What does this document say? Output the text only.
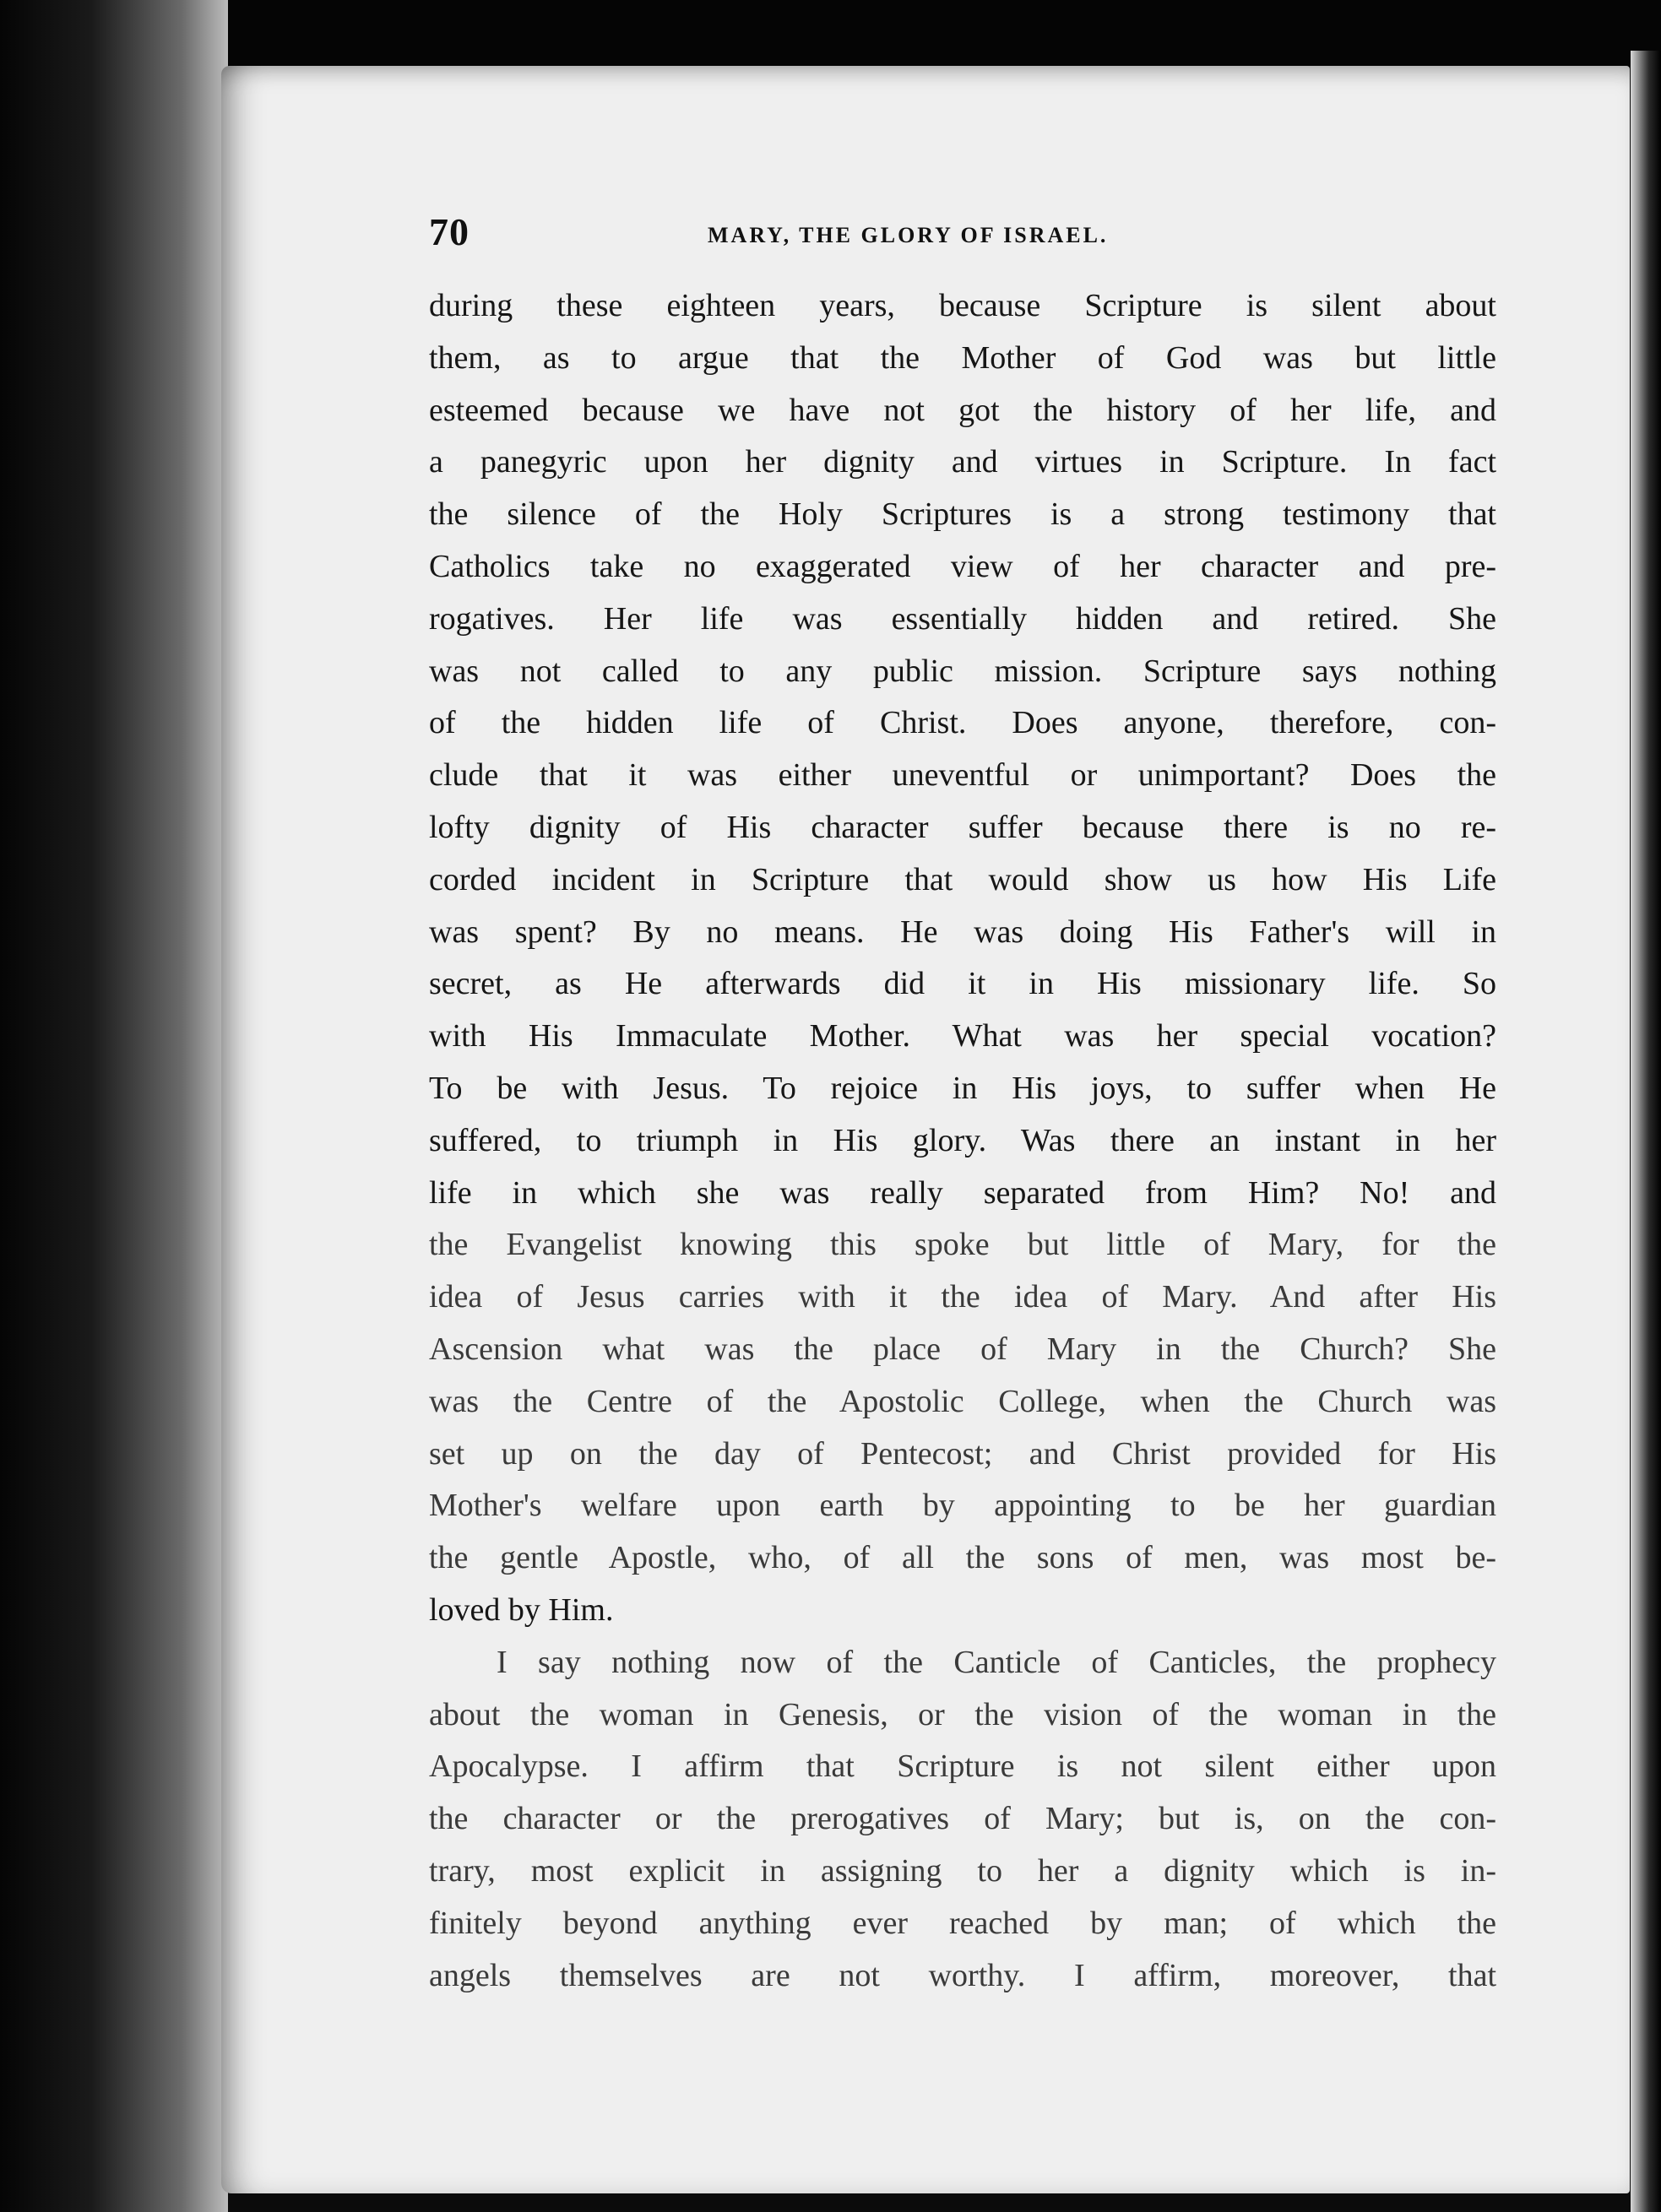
70	MARY, THE GLORY OF ISRAEL.
during these eighteen years, because Scripture is silent about
them, as to argue that the Mother of God was but little
esteemed because we have not got the history of her life, and
a panegyric upon her dignity and virtues in Scripture. In fact
the silence of the Holy Scriptures is a strong testimony that
Catholics take no exaggerated view of her character and pre-
rogatives. Her life was essentially hidden and retired. She
was not called to any public mission. Scripture says nothing
of the hidden life of Christ. Does anyone, therefore, con-
clude that it was either uneventful or unimportant? Does the
lofty dignity of His character suffer because there is no re-
corded incident in Scripture that would show us how His Life
was spent? By no means. He was doing His Father's will in
secret, as He afterwards did it in His missionary life. So
with His Immaculate Mother. What was her special vocation?
To be with Jesus. To rejoice in His joys, to suffer when He
suffered, to triumph in His glory. Was there an instant in her
life in which she was really separated from Him? No! and
the Evangelist knowing this spoke but little of Mary, for the
idea of Jesus carries with it the idea of Mary. And after His
Ascension what was the place of Mary in the Church? She
was the Centre of the Apostolic College, when the Church was
set up on the day of Pentecost; and Christ provided for His
Mother's welfare upon earth by appointing to be her guardian
the gentle Apostle, who, of all the sons of men, was most be-
loved by Him.
I say nothing now of the Canticle of Canticles, the prophecy
about the woman in Genesis, or the vision of the woman in the
Apocalypse. I affirm that Scripture is not silent either upon
the character or the prerogatives of Mary; but is, on the con-
trary, most explicit in assigning to her a dignity which is in-
finitely beyond anything ever reached by man; of which the
angels themselves are not worthy. I affirm, moreover, that
